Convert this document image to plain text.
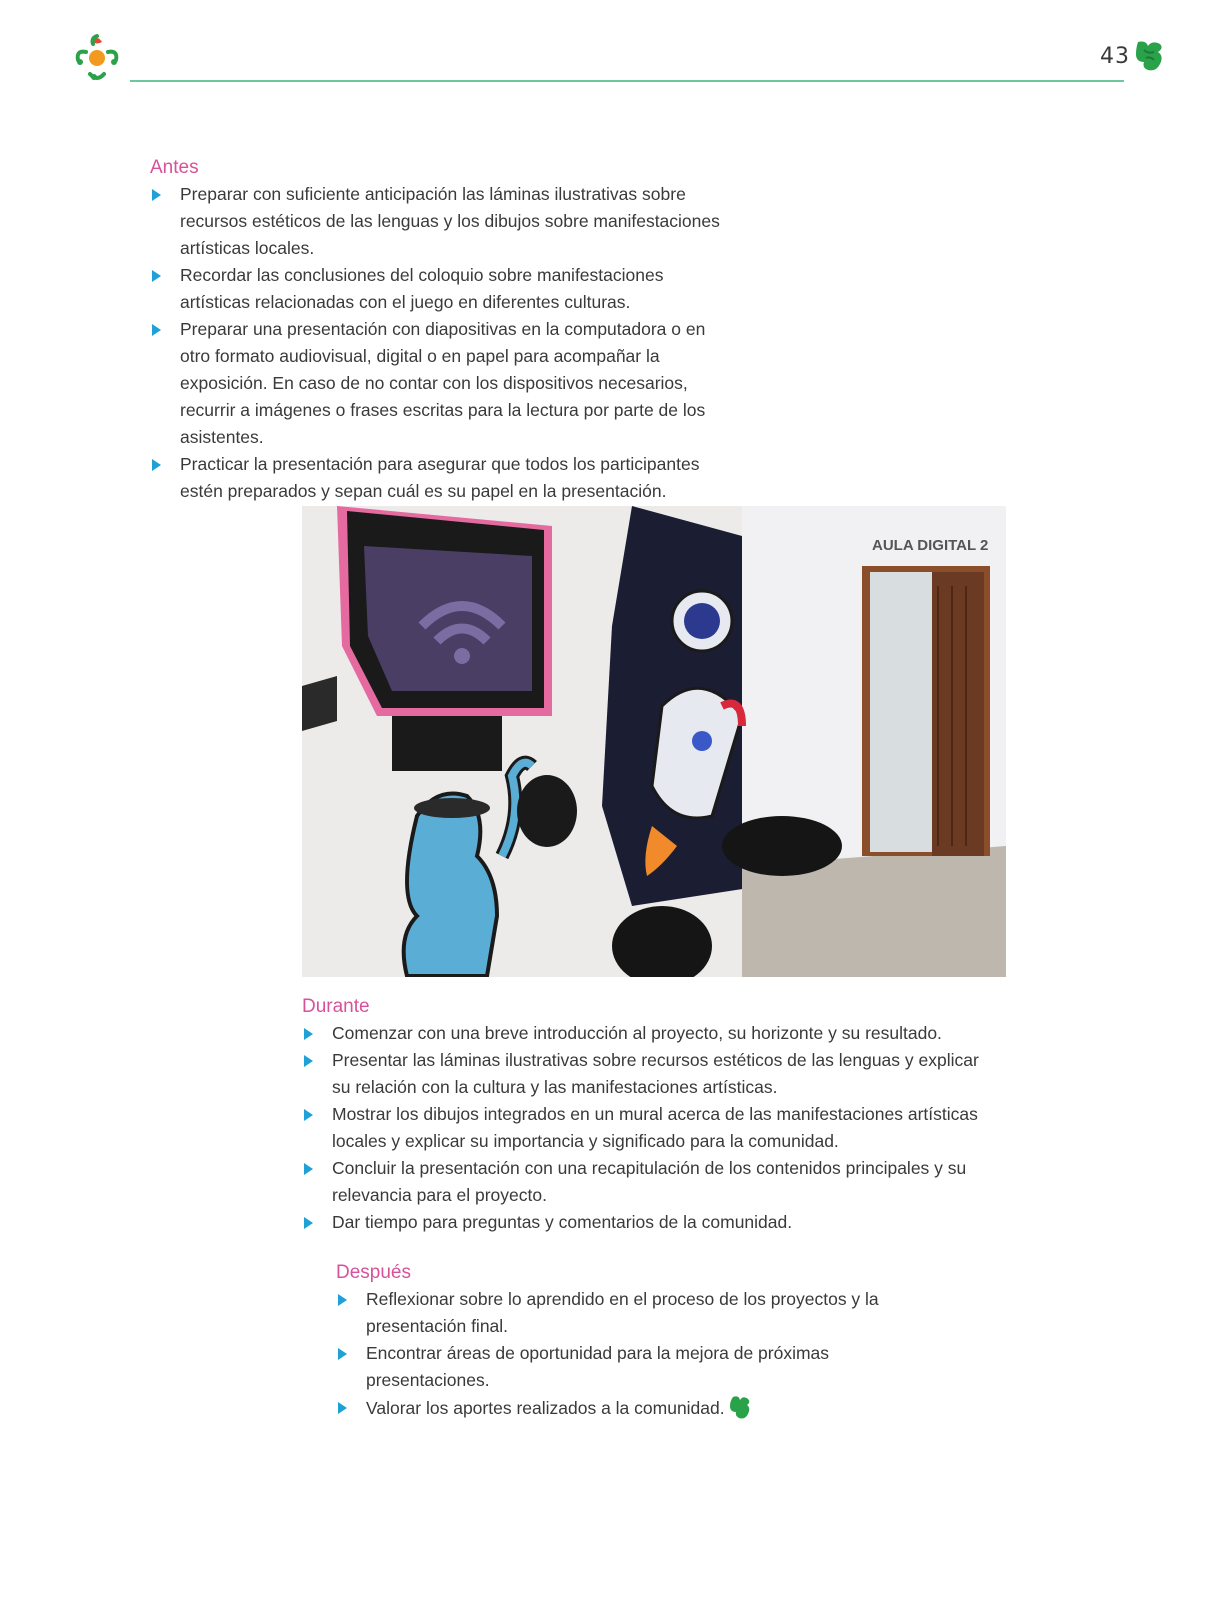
43
Antes
Preparar con suficiente anticipación las láminas ilustrativas sobre recursos estéticos de las lenguas y los dibujos sobre manifestaciones artísticas locales.
Recordar las conclusiones del coloquio sobre manifestaciones artísticas relacionadas con el juego en diferentes culturas.
Preparar una presentación con diapositivas en la computadora o en otro formato audiovisual, digital o en papel para acompañar la exposición. En caso de no contar con los dispositivos necesarios, recurrir a imágenes o frases escritas para la lectura por parte de los asistentes.
Practicar la presentación para asegurar que todos los participantes estén preparados y sepan cuál es su papel en la presentación.
AULA DIGITAL 2
Durante
Comenzar con una breve introducción al proyecto, su horizonte y su resultado.
Presentar las láminas ilustrativas sobre recursos estéticos de las lenguas y explicar su relación con la cultura y las manifestaciones artísticas.
Mostrar los dibujos integrados en un mural acerca de las manifestaciones artísticas locales y explicar su importancia y significado para la comunidad.
Concluir la presentación con una recapitulación de los contenidos principales y su relevancia para el proyecto.
Dar tiempo para preguntas y comentarios de la comunidad.
Después
Reflexionar sobre lo aprendido en el proceso de los proyectos y la presentación final.
Encontrar áreas de oportunidad para la mejora de próximas presentaciones.
Valorar los aportes realizados a la comunidad.
